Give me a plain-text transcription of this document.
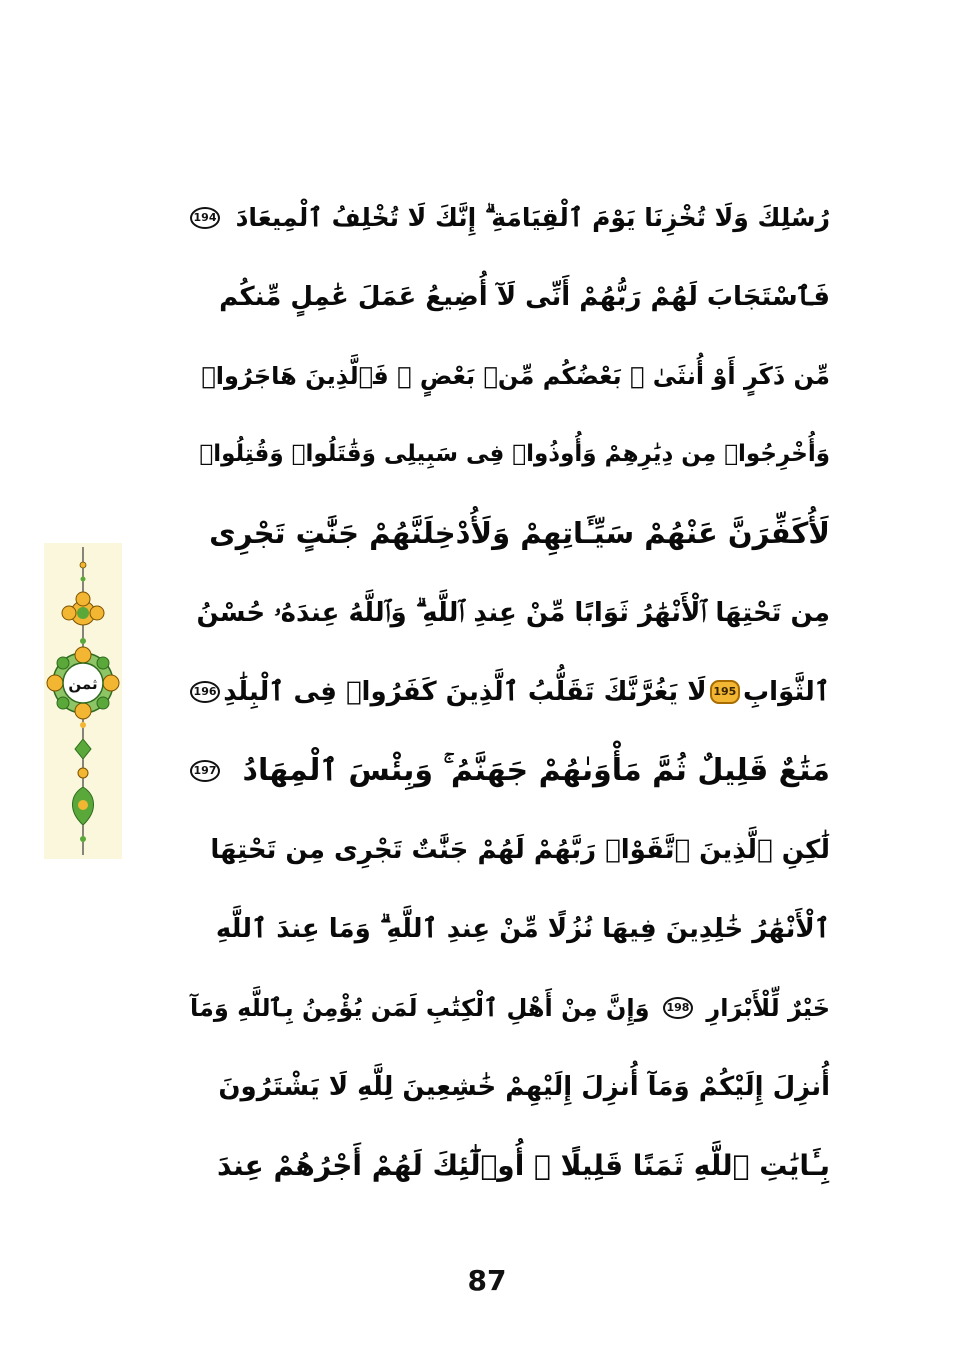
ثمن
رُسُلِكَ وَلَا تُخْزِنَا يَوْمَ ٱلْقِيَامَةِ ۗ إِنَّكَ لَا تُخْلِفُ ٱلْمِيعَادَ
194
فَٱسْتَجَابَ لَهُمْ رَبُّهُمْ أَنِّى لَآ أُضِيعُ عَمَلَ عَٰمِلٍ مِّنكُم
مِّن ذَكَرٍ أَوْ أُنثَىٰ ۖ بَعْضُكُم مِّنۢ بَعْضٍ ۖ فَٱلَّذِينَ هَاجَرُوا۟
وَأُخْرِجُوا۟ مِن دِيَٰرِهِمْ وَأُوذُوا۟ فِى سَبِيلِى وَقَٰتَلُوا۟ وَقُتِلُوا۟
لَأُكَفِّرَنَّ عَنْهُمْ سَيِّـَٔاتِهِمْ وَلَأُدْخِلَنَّهُمْ جَنَّٰتٍ تَجْرِى
مِن تَحْتِهَا ٱلْأَنْهَٰرُ ثَوَابًا مِّنْ عِندِ ٱللَّهِ ۗ وَٱللَّهُ عِندَهُۥ حُسْنُ
ٱلثَّوَابِ
195
لَا يَغُرَّنَّكَ تَقَلُّبُ ٱلَّذِينَ كَفَرُوا۟ فِى ٱلْبِلَٰدِ
196
مَتَٰعٌ قَلِيلٌ ثُمَّ مَأْوَىٰهُمْ جَهَنَّمُ ۚ وَبِئْسَ ٱلْمِهَادُ
197
لَٰكِنِ ٱلَّذِينَ ٱتَّقَوْا۟ رَبَّهُمْ لَهُمْ جَنَّٰتٌ تَجْرِى مِن تَحْتِهَا
ٱلْأَنْهَٰرُ خَٰلِدِينَ فِيهَا نُزُلًا مِّنْ عِندِ ٱللَّهِ ۗ وَمَا عِندَ ٱللَّهِ
خَيْرٌ لِّلْأَبْرَارِ
198
وَإِنَّ مِنْ أَهْلِ ٱلْكِتَٰبِ لَمَن يُؤْمِنُ بِٱللَّهِ وَمَآ
أُنزِلَ إِلَيْكُمْ وَمَآ أُنزِلَ إِلَيْهِمْ خَٰشِعِينَ لِلَّهِ لَا يَشْتَرُونَ
بِـَٔايَٰتِ ٱللَّهِ ثَمَنًا قَلِيلًا ۗ أُو۟لَٰٓئِكَ لَهُمْ أَجْرُهُمْ عِندَ
87
